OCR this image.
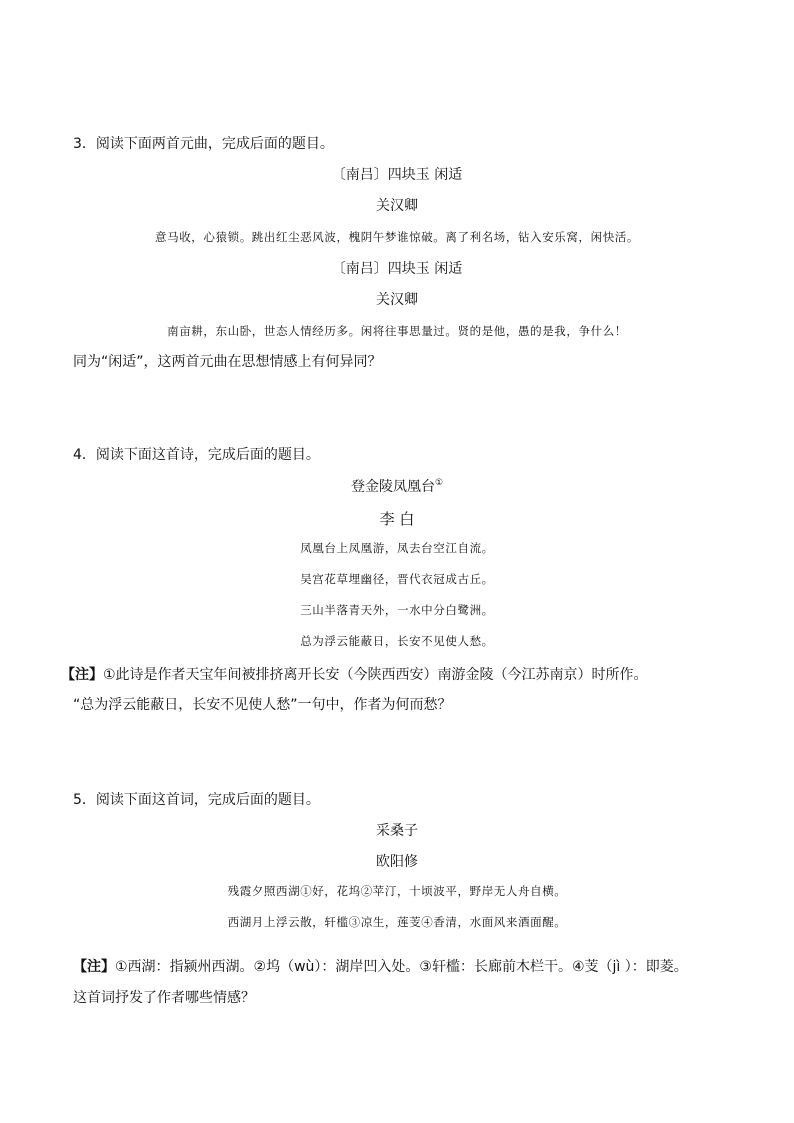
3．阅读下面两首元曲，完成后面的题目。
〔南吕〕四块玉 闲适
关汉卿
意马收，心猿锁。跳出红尘恶风波，槐阴午梦谁惊破。离了利名场，钻入安乐窝，闲快活。
〔南吕〕四块玉 闲适
关汉卿
南亩耕，东山卧，世态人情经历多。闲将往事思量过。贤的是他，愚的是我，争什么！
同为“闲适”，这两首元曲在思想情感上有何异同？
4．阅读下面这首诗，完成后面的题目。
登金陵凤凰台①
李 白
凤凰台上凤凰游，凤去台空江自流。
吴宫花草埋幽径，晋代衣冠成古丘。
三山半落青天外，一水中分白鹭洲。
总为浮云能蔽日，长安不见使人愁。
【注】①此诗是作者天宝年间被排挤离开长安（今陕西西安）南游金陵（今江苏南京）时所作。
“总为浮云能蔽日，长安不见使人愁”一句中，作者为何而愁？
5．阅读下面这首词，完成后面的题目。
采桑子
欧阳修
残霞夕照西湖①好，花坞②苹汀，十顷波平，野岸无人舟自横。
西湖月上浮云散，轩槛③凉生，莲芰④香清，水面风来酒面醒。
【注】①西湖：指颍州西湖。②坞（wù）：湖岸凹入处。③轩槛：长廊前木栏干。④芰（jì ）：即菱。
这首词抒发了作者哪些情感？
